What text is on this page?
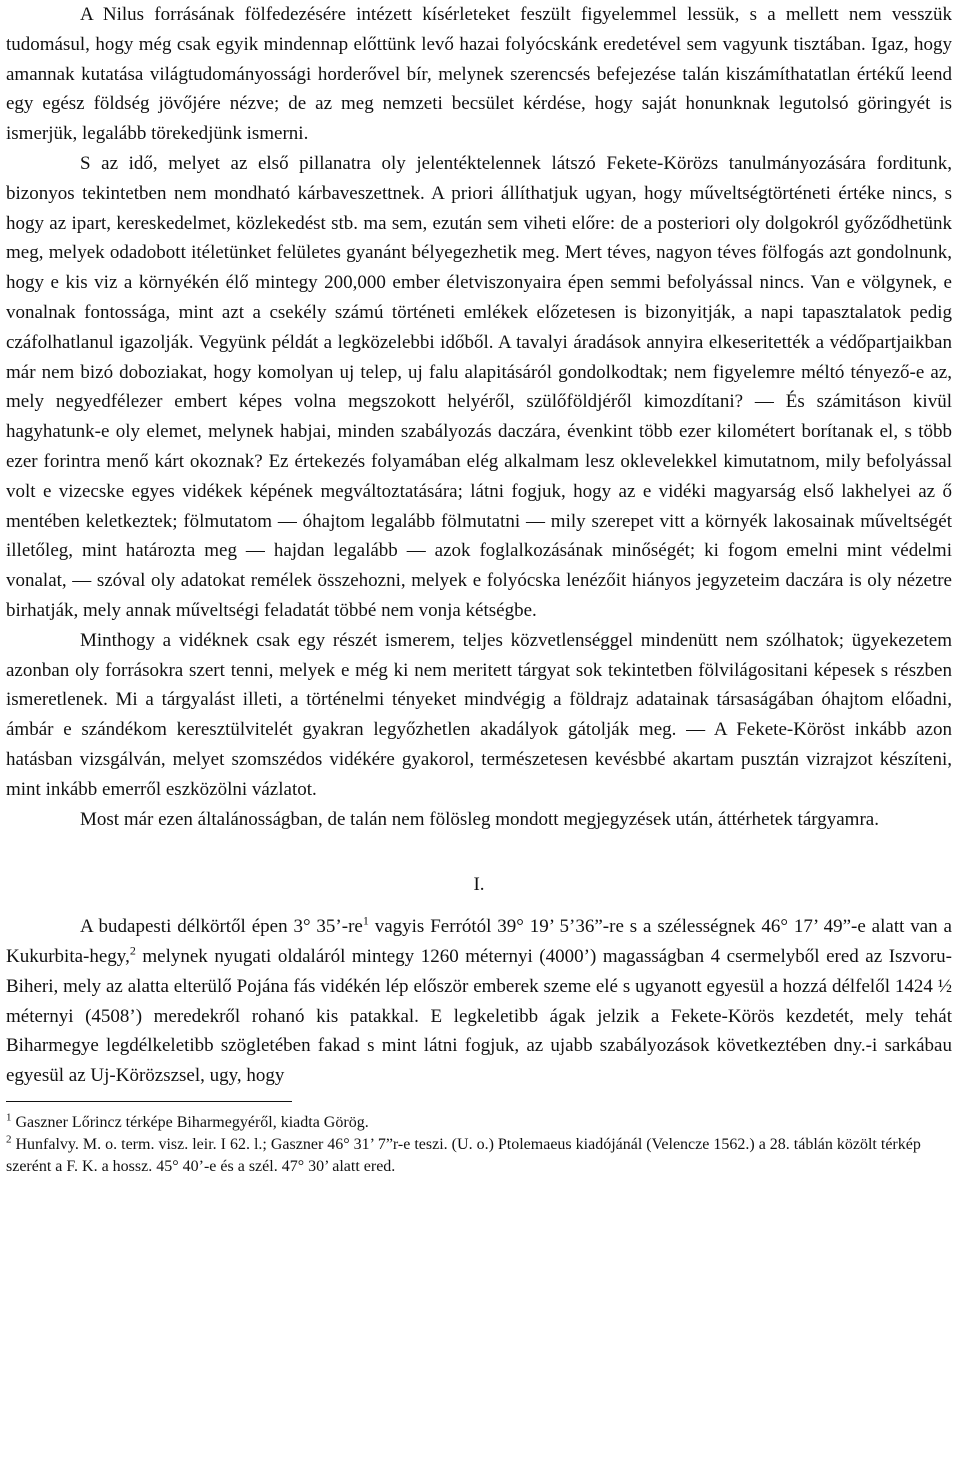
A Nilus forrásának fölfedezésére intézett kísérleteket feszült figyelemmel lessük, s a mellett nem vesszük tudomásul, hogy még csak egyik mindennap előttünk levő hazai folyócskánk eredetével sem vagyunk tisztában. Igaz, hogy amannak kutatása világtudományossági horderővel bír, melynek szerencsés befejezése talán kiszámíthatatlan értékű leend egy egész földség jövőjére nézve; de az meg nemzeti becsület kérdése, hogy saját honunknak legutolsó göringyét is ismerjük, legalább törekedjünk ismerni.

S az idő, melyet az első pillanatra oly jelentéktelennek látszó Fekete-Körözs tanulmányozására forditunk, bizonyos tekintetben nem mondható kárbaveszettnek. A priori állíthatjuk ugyan, hogy műveltségtörténeti értéke nincs, s hogy az ipart, kereskedelmet, közlekedést stb. ma sem, ezután sem viheti előre: de a posteriori oly dolgokról győződhetünk meg, melyek odadobott itéletünket felületes gyanánt bélyegezhetik meg. Mert téves, nagyon téves fölfogás azt gondolnunk, hogy e kis viz a környékén élő mintegy 200,000 ember életviszonyaira épen semmi befolyással nincs. Van e völgynek, e vonalnak fontossága, mint azt a csekély számú történeti emlékek előzetesen is bizonyitják, a napi tapasztalatok pedig czáfolhatlanul igazolják. Vegyünk példát a legközelebbi időből. A tavalyi áradások annyira elkeseritették a védőpartjaikban már nem bizó doboziakat, hogy komolyan uj telep, uj falu alapitásáról gondolkodtak; nem figyelemre méltó tényező-e az, mely negyedfélezer embert képes volna megszokott helyéről, szülőföldjéről kimozdítani? — És számitáson kivül hagyhatunk-e oly elemet, melynek habjai, minden szabályozás daczára, évenkint több ezer kilométert borítanak el, s több ezer forintra menő kárt okoznak? Ez értekezés folyamában elég alkalmam lesz oklevelekkel kimutatnom, mily befolyással volt e vizecske egyes vidékek képének megváltoztatására; látni fogjuk, hogy az e vidéki magyarság első lakhelyei az ő mentében keletkeztek; fölmutatom — óhajtom legalább fölmutatni — mily szerepet vitt a környék lakosainak műveltségét illetőleg, mint határozta meg — hajdan legalább — azok foglalkozásának minőségét; ki fogom emelni mint védelmi vonalat, — szóval oly adatokat remélek összehozni, melyek e folyócska lenézőit hiányos jegyzeteim daczára is oly nézetre birhatják, mely annak műveltségi feladatát többé nem vonja kétségbe.

Minthogy a vidéknek csak egy részét ismerem, teljes közvetlenséggel mindenütt nem szólhatok; ügyekezetem azonban oly forrásokra szert tenni, melyek e még ki nem meritett tárgyat sok tekintetben fölvilágositani képesek s részben ismeretlenek. Mi a tárgyalást illeti, a történelmi tényeket mindvégig a földrajz adatainak társaságában óhajtom előadni, ámbár e szándékom keresztülvitelét gyakran legyőzhetlen akadályok gátolják meg. — A Fekete-Köröst inkább azon hatásban vizsgálván, melyet szomszédos vidékére gyakorol, természetesen kevésbbé akartam pusztán vizrajzot készíteni, mint inkább emerről eszközölni vázlatot.

Most már ezen általánosságban, de talán nem fölösleg mondott megjegyzések után, áttérhetek tárgyamra.

I.

A budapesti délkörtől épen 3° $35’-re^1$ vagyis Ferrótól 39° 19’ 5’36”-re s a szélességnek 46° 17’ 49”-e alatt van a Kukurbita-hegy,$^2$ melynek nyugati oldaláról mintegy 1260 méternyi (4000’) magasságban 4 csermelyből ered az Iszvoru-Biheri, mely az alatta elterülő Pojána fás vidékén lép először emberek szeme elé s ugyanott egyesül a hozzá délfelől 1424 ½ méternyi (4508’) meredekről rohanó kis patakkal. E legkeletibb ágak jelzik a Fekete-Körös kezdetét, mely tehát Biharmegye legdélkeletibb szögletében fakad s mint látni fogjuk, az ujabb szabályozások következtében dny.-i sarkábau egyesül az Uj-Körözszsel, ugy, hogy

$^1$ Gaszner Lőrincz térképe Biharmegyéről, kiadta Görög.

$^2$ Hunfalvy. M. o. term. visz. leir. I 62. l.; Gaszner 46° 31’ 7”r-e teszi. (U. o.) Ptolemaeus kiadójánál (Velencze 1562.) a 28. táblán közölt térkép szerént a F. K. a hossz. 45° 40’-e és a szél. 47° 30’ alatt ered.
